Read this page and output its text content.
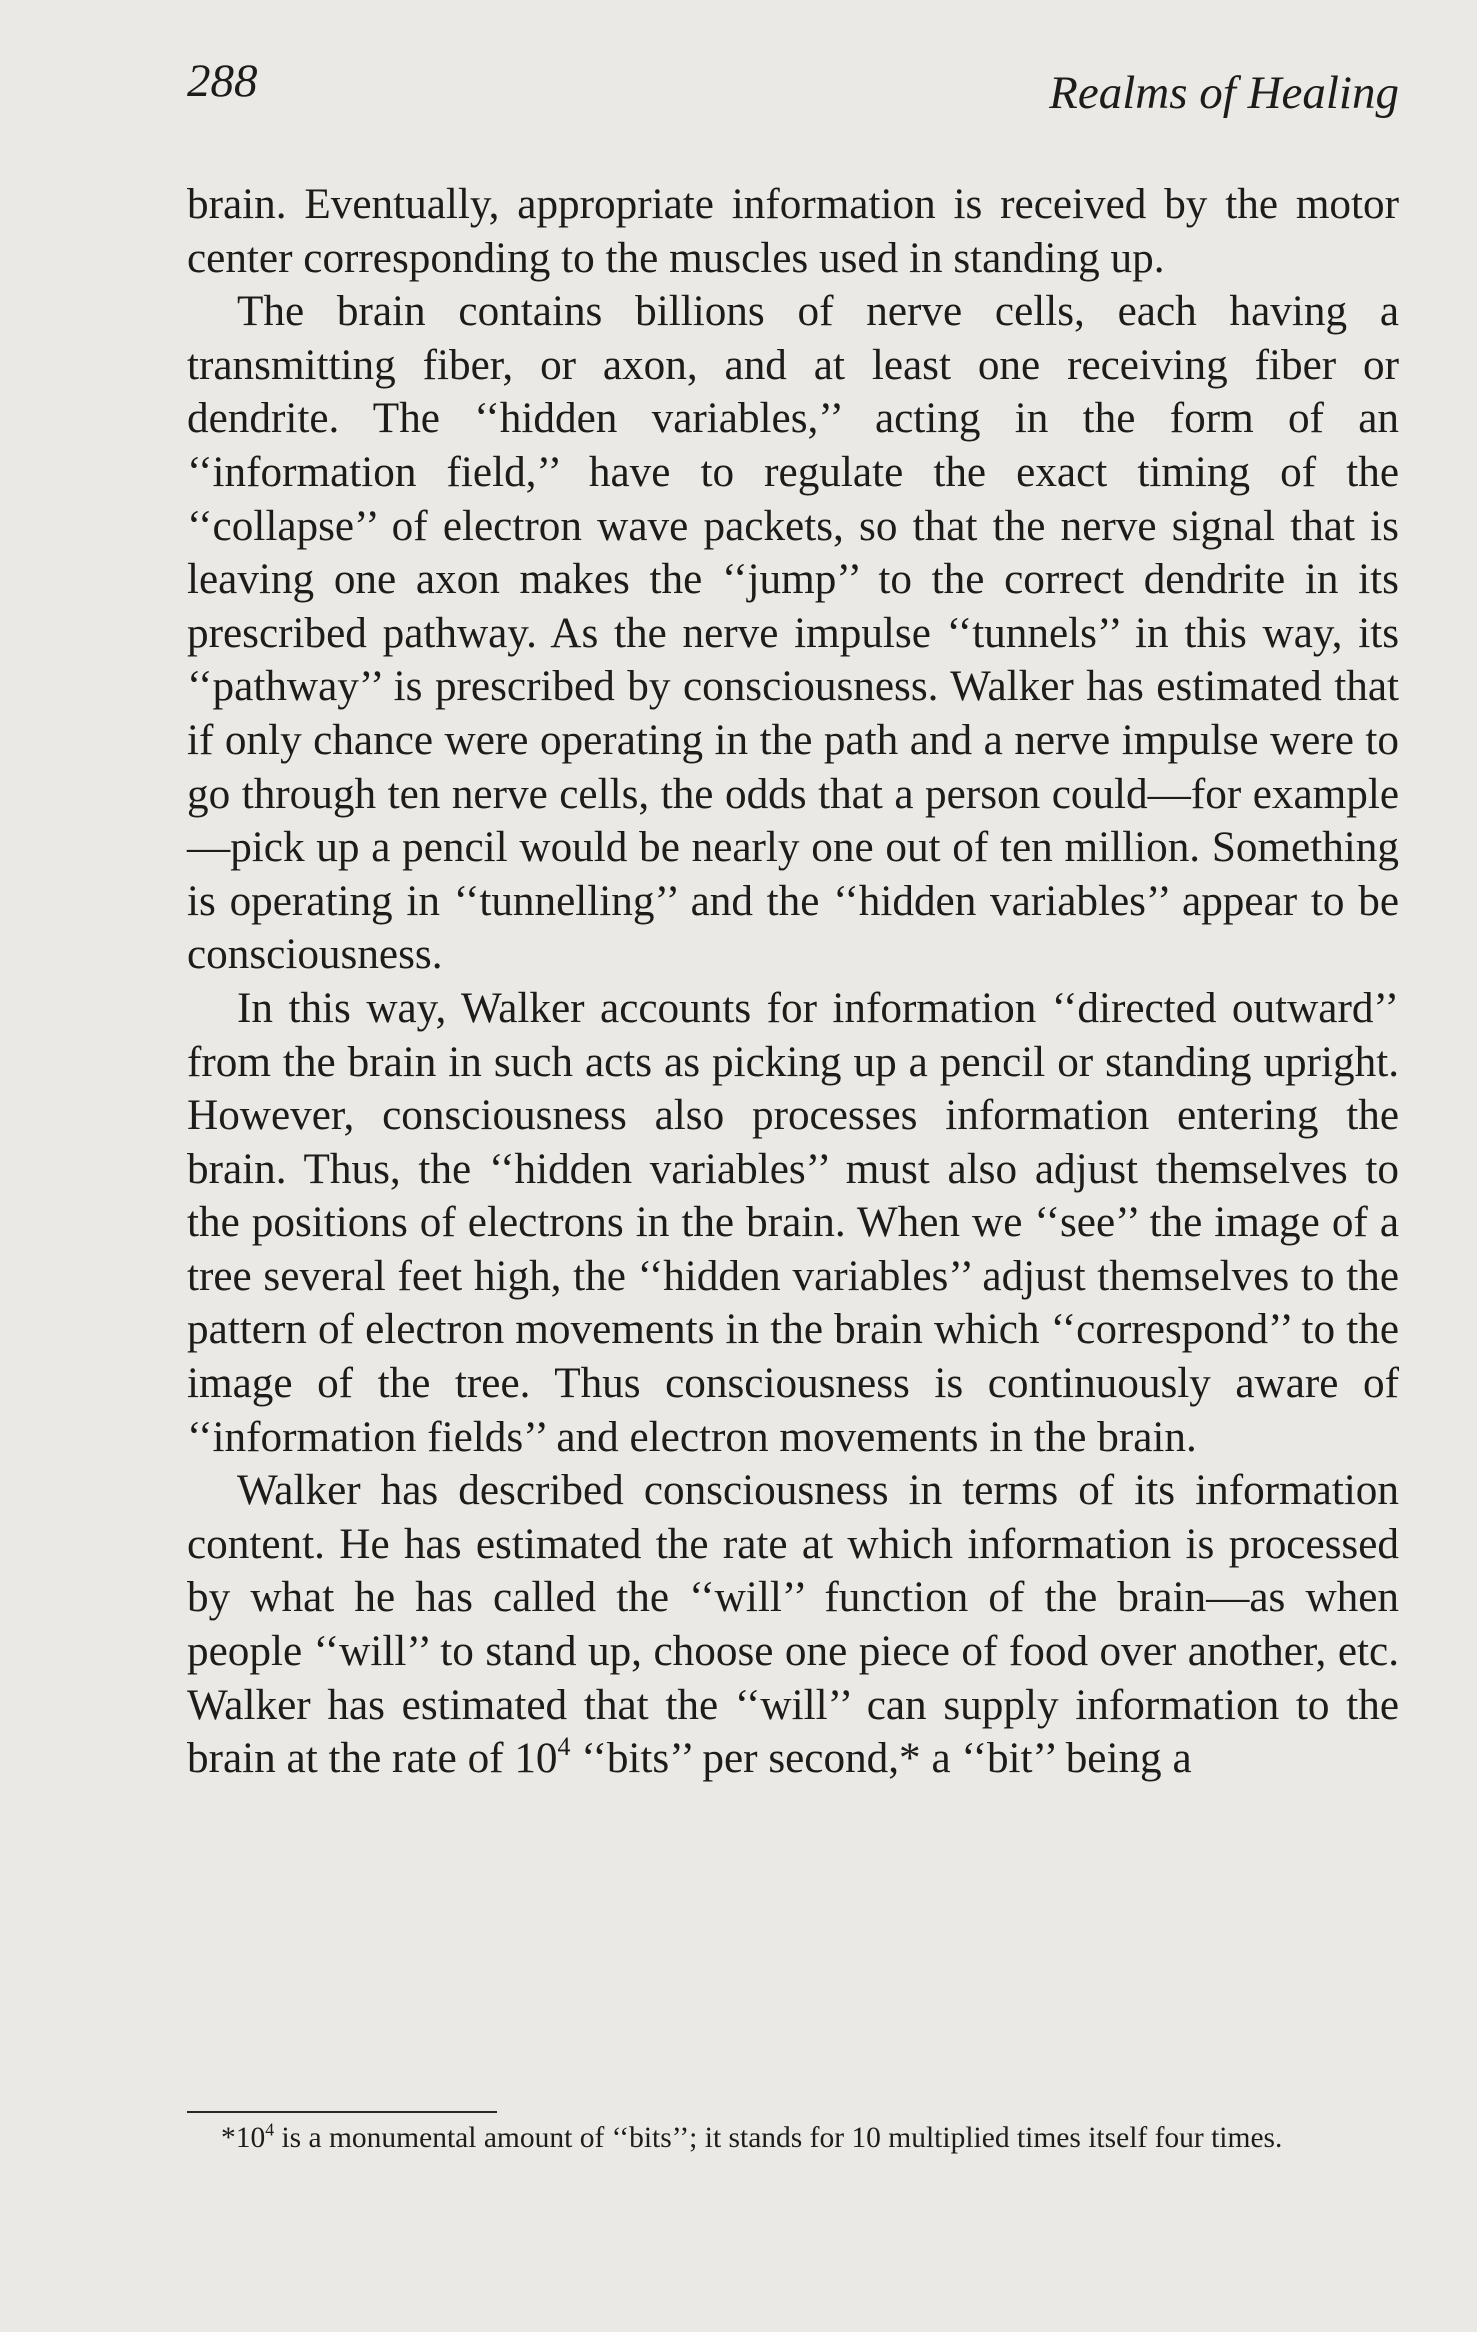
288	Realms of Healing

brain. Eventually, appropriate information is received by the motor center corresponding to the muscles used in standing up.

The brain contains billions of nerve cells, each having a transmitting fiber, or axon, and at least one receiving fiber or dendrite. The ‘‘hidden variables,’’ acting in the form of an ‘‘information field,’’ have to regulate the exact timing of the ‘‘collapse’’ of electron wave packets, so that the nerve signal that is leaving one axon makes the ‘‘jump’’ to the correct dendrite in its prescribed pathway. As the nerve impulse ‘‘tunnels’’ in this way, its ‘‘pathway’’ is prescribed by consciousness. Walker has estimated that if only chance were operating in the path and a nerve impulse were to go through ten nerve cells, the odds that a person could—for example—pick up a pencil would be nearly one out of ten million. Something is operating in ‘‘tunnelling’’ and the ‘‘hidden variables’’ appear to be consciousness.

In this way, Walker accounts for information ‘‘directed outward’’ from the brain in such acts as picking up a pencil or standing upright. However, consciousness also processes information entering the brain. Thus, the ‘‘hidden variables’’ must also adjust themselves to the positions of electrons in the brain. When we ‘‘see’’ the image of a tree several feet high, the ‘‘hidden variables’’ adjust themselves to the pattern of electron movements in the brain which ‘‘correspond’’ to the image of the tree. Thus consciousness is continuously aware of ‘‘information fields’’ and electron movements in the brain.

Walker has described consciousness in terms of its information content. He has estimated the rate at which information is processed by what he has called the ‘‘will’’ function of the brain—as when people ‘‘will’’ to stand up, choose one piece of food over another, etc. Walker has estimated that the ‘‘will’’ can supply information to the brain at the rate of $10^4$ ‘‘bits’’ per second,* a ‘‘bit’’ being a

$*10^4$ is a monumental amount of ‘‘bits’’; it stands for 10 multiplied times itself four times.
